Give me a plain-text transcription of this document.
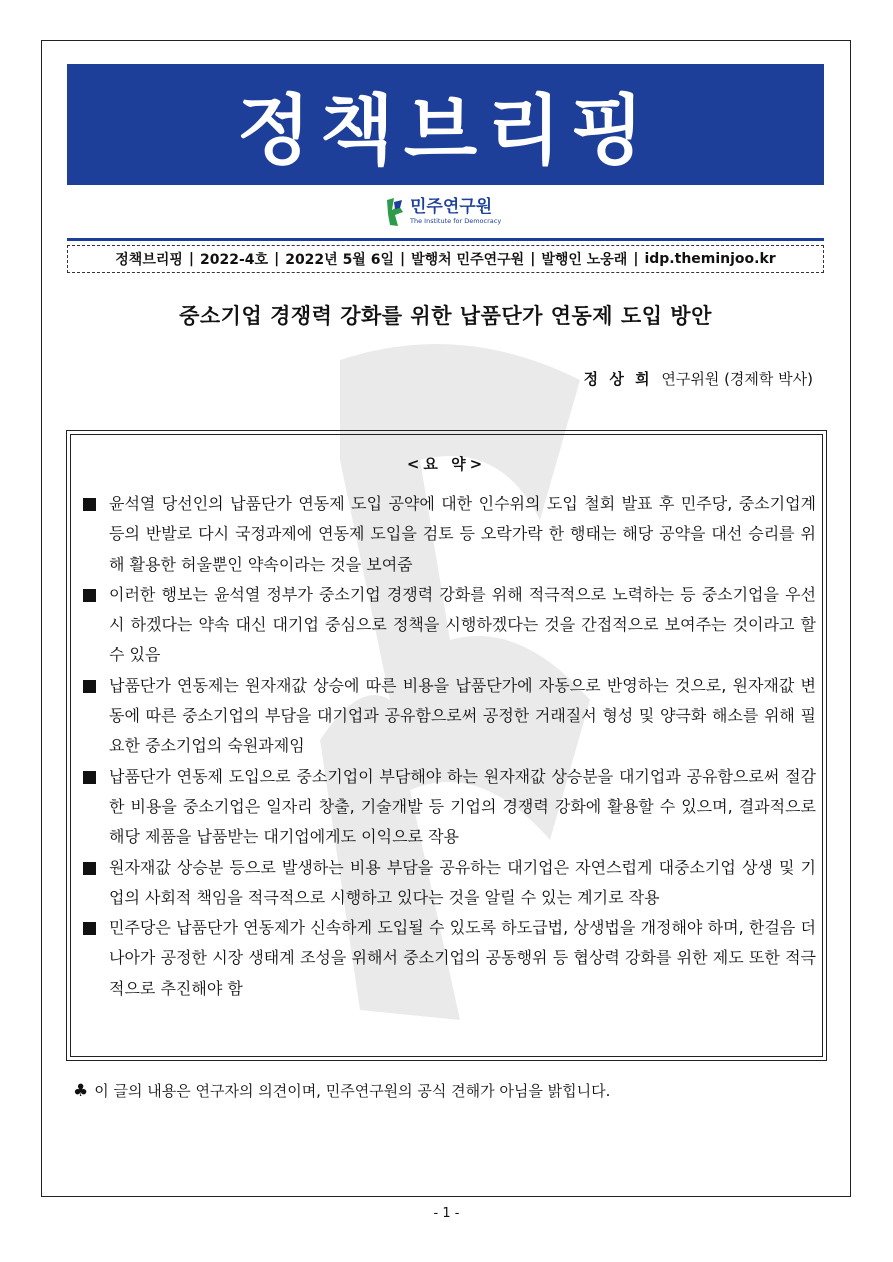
정책브리핑
민주연구원
The Institute for Democracy
정책브리핑 | 2022-4호 | 2022년 5월 6일 | 발행처 민주연구원 | 발행인 노웅래 | idp.theminjoo.kr
중소기업 경쟁력 강화를 위한 납품단가 연동제 도입 방안
정 상 희 연구위원 (경제학 박사)
<요 약>
윤석열 당선인의 납품단가 연동제 도입 공약에 대한 인수위의 도입 철회 발표 후 민주당, 중소기업계 등의 반발로 다시 국정과제에 연동제 도입을 검토 등 오락가락 한 행태는 해당 공약을 대선 승리를 위해 활용한 허울뿐인 약속이라는 것을 보여줌
이러한 행보는 윤석열 정부가 중소기업 경쟁력 강화를 위해 적극적으로 노력하는 등 중소기업을 우선시 하겠다는 약속 대신 대기업 중심으로 정책을 시행하겠다는 것을 간접적으로 보여주는 것이라고 할 수 있음
납품단가 연동제는 원자재값 상승에 따른 비용을 납품단가에 자동으로 반영하는 것으로, 원자재값 변동에 따른 중소기업의 부담을 대기업과 공유함으로써 공정한 거래질서 형성 및 양극화 해소를 위해 필요한 중소기업의 숙원과제임
납품단가 연동제 도입으로 중소기업이 부담해야 하는 원자재값 상승분을 대기업과 공유함으로써 절감한 비용을 중소기업은 일자리 창출, 기술개발 등 기업의 경쟁력 강화에 활용할 수 있으며, 결과적으로 해당 제품을 납품받는 대기업에게도 이익으로 작용
원자재값 상승분 등으로 발생하는 비용 부담을 공유하는 대기업은 자연스럽게 대중소기업 상생 및 기업의 사회적 책임을 적극적으로 시행하고 있다는 것을 알릴 수 있는 계기로 작용
민주당은 납품단가 연동제가 신속하게 도입될 수 있도록 하도급법, 상생법을 개정해야 하며, 한걸음 더 나아가 공정한 시장 생태계 조성을 위해서 중소기업의 공동행위 등 협상력 강화를 위한 제도 또한 적극적으로 추진해야 함
♣ 이 글의 내용은 연구자의 의견이며, 민주연구원의 공식 견해가 아님을 밝힙니다.
- 1 -
